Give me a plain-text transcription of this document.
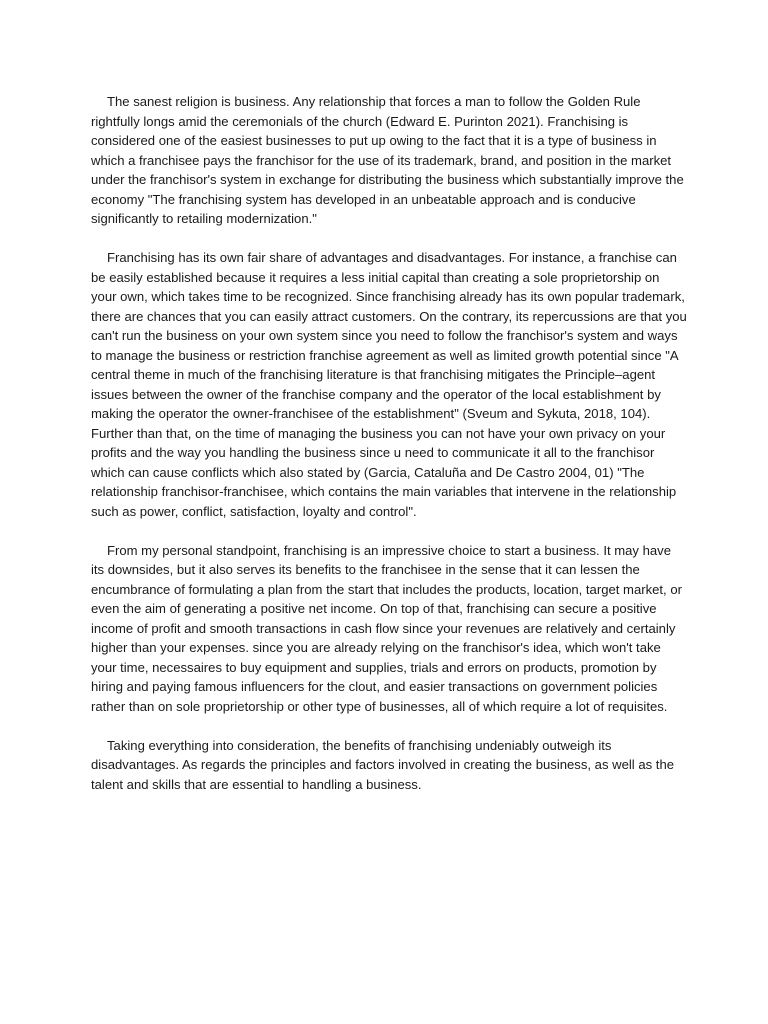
The sanest religion is business. Any relationship that forces a man to follow the Golden Rule rightfully longs amid the ceremonials of the church (Edward E. Purinton 2021). Franchising is considered one of the easiest businesses to put up owing to the fact that it is a type of business in which a franchisee pays the franchisor for the use of its trademark, brand, and position in the market under the franchisor's system in exchange for distributing the business which substantially improve the economy "The franchising system has developed in an unbeatable approach and is conducive significantly to retailing modernization."

Franchising has its own fair share of advantages and disadvantages. For instance, a franchise can be easily established because it requires a less initial capital than creating a sole proprietorship on your own, which takes time to be recognized. Since franchising already has its own popular trademark, there are chances that you can easily attract customers. On the contrary, its repercussions are that you can't run the business on your own system since you need to follow the franchisor's system and ways to manage the business or restriction franchise agreement as well as limited growth potential since "A central theme in much of the franchising literature is that franchising mitigates the Principle–agent issues between the owner of the franchise company and the operator of the local establishment by making the operator the owner-franchisee of the establishment" (Sveum and Sykuta, 2018, 104). Further than that, on the time of managing the business you can not have your own privacy on your profits and the way you handling the business since u need to communicate it all to the franchisor which can cause conflicts which also stated by (Garcia, Cataluña and De Castro 2004, 01) "The relationship franchisor-franchisee, which contains the main variables that intervene in the relationship such as power, conflict, satisfaction, loyalty and control".

From my personal standpoint, franchising is an impressive choice to start a business. It may have its downsides, but it also serves its benefits to the franchisee in the sense that it can lessen the encumbrance of formulating a plan from the start that includes the products, location, target market, or even the aim of generating a positive net income. On top of that, franchising can secure a positive income of profit and smooth transactions in cash flow since your revenues are relatively and certainly higher than your expenses. since you are already relying on the franchisor's idea, which won't take your time, necessaires to buy equipment and supplies, trials and errors on products, promotion by hiring and paying famous influencers for the clout, and easier transactions on government policies rather than on sole proprietorship or other type of businesses, all of which require a lot of requisites.

Taking everything into consideration, the benefits of franchising undeniably outweigh its disadvantages. As regards the principles and factors involved in creating the business, as well as the talent and skills that are essential to handling a business.
